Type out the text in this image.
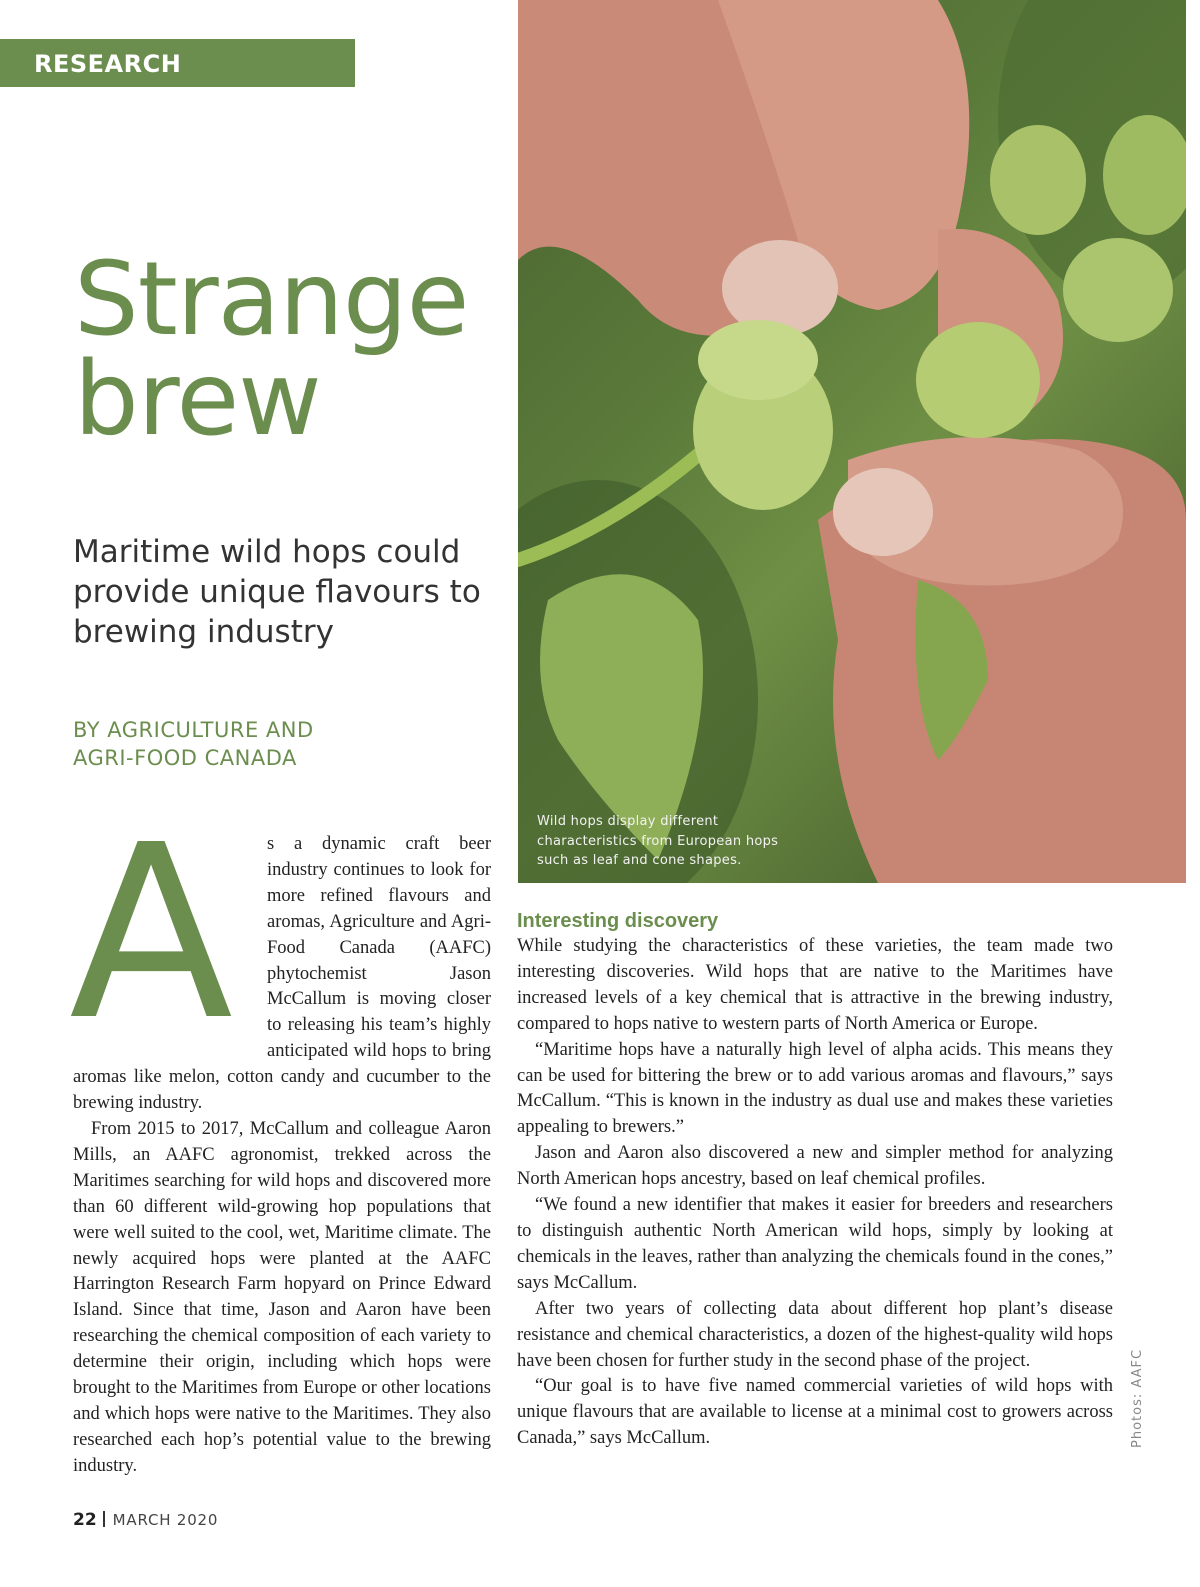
RESEARCH
Strange
brew
Maritime wild hops could provide unique flavours to brewing industry
BY AGRICULTURE AND
AGRI-FOOD CANADA
A	s a dynamic craft beer industry continues to look for more refined flavours and aromas, Agriculture and Agri-Food Canada (AAFC) phytochemist Jason McCallum is moving closer to releasing his team’s highly anticipated wild hops to bring aromas like melon, cotton candy and cucumber to the brewing industry.

From 2015 to 2017, McCallum and colleague Aaron Mills, an AAFC agronomist, trekked across the Maritimes searching for wild hops and discovered more than 60 different wild-growing hop populations that were well suited to the cool, wet, Maritime climate. The newly acquired hops were planted at the AAFC Harrington Research Farm hopyard on Prince Edward Island. Since that time, Jason and Aaron have been researching the chemical composition of each variety to determine their origin, including which hops were brought to the Maritimes from Europe or other locations and which hops were native to the Maritimes. They also researched each hop’s potential value to the brewing industry.

Wild hops display different characteristics from European hops such as leaf and cone shapes.

Interesting discovery

While studying the characteristics of these varieties, the team made two interesting discoveries. Wild hops that are native to the Maritimes have increased levels of a key chemical that is attractive in the brewing industry, compared to hops native to western parts of North America or Europe.

“Maritime hops have a naturally high level of alpha acids. This means they can be used for bittering the brew or to add various aromas and flavours,” says McCallum. “This is known in the industry as dual use and makes these varieties appealing to brewers.”

Jason and Aaron also discovered a new and simpler method for analyzing North American hops ancestry, based on leaf chemical profiles.

“We found a new identifier that makes it easier for breeders and researchers to distinguish authentic North American wild hops, simply by looking at chemicals in the leaves, rather than analyzing the chemicals found in the cones,” says McCallum.

After two years of collecting data about different hop plant’s disease resistance and chemical characteristics, a dozen of the highest-quality wild hops have been chosen for further study in the second phase of the project.

“Our goal is to have five named commercial varieties of wild hops with unique flavours that are available to license at a minimal cost to growers across Canada,” says McCallum.	Photos: AAFC
22 MARCH 2020
